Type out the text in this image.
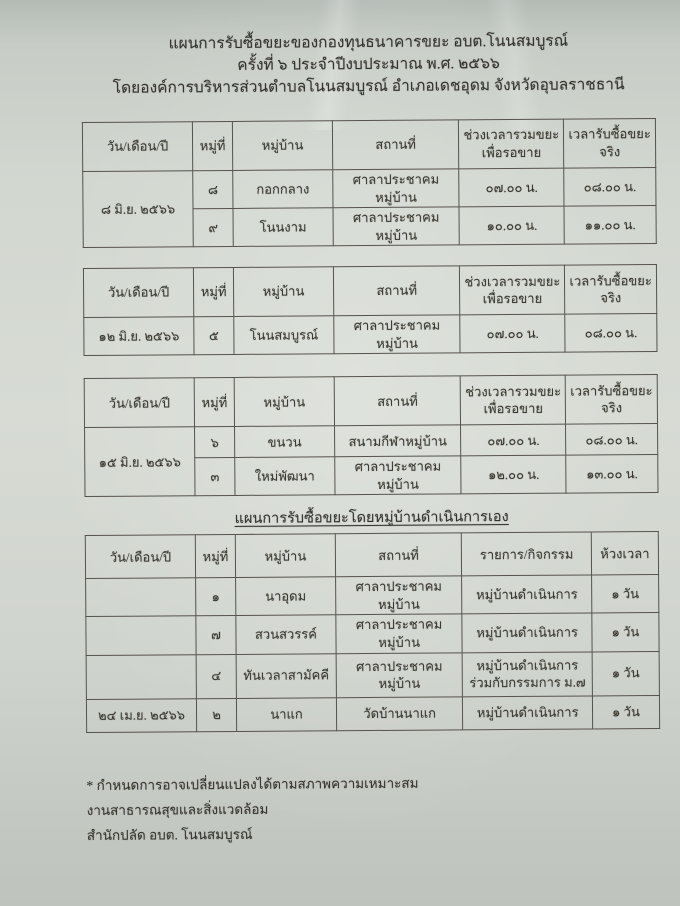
แผนการรับซื้อขยะของกองทุนธนาคารขยะ อบต.โนนสมบูรณ์
ครั้งที่ ๖ ประจำปีงบประมาณ พ.ศ. ๒๕๖๖
โดยองค์การบริหารส่วนตำบลโนนสมบูรณ์ อำเภอเดชอุดม จังหวัดอุบลราชธานี
วัน/เดือน/ปี	หมู่ที่	หมู่บ้าน	สถานที่	ช่วงเวลารวมขยะ เพื่อรอขาย	เวลารับซื้อขยะ จริง
๘ มิ.ย. ๒๕๖๖	๘	กอกกลาง	ศาลาประชาคมหมู่บ้าน	๐๗.๐๐ น.	๐๘.๐๐ น.
	๙	โนนงาม	ศาลาประชาคมหมู่บ้าน	๑๐.๐๐ น.	๑๑.๐๐ น.
วัน/เดือน/ปี	หมู่ที่	หมู่บ้าน	สถานที่	ช่วงเวลารวมขยะ เพื่อรอขาย	เวลารับซื้อขยะ จริง
๑๒ มิ.ย. ๒๕๖๖	๕	โนนสมบูรณ์	ศาลาประชาคมหมู่บ้าน	๐๗.๐๐ น.	๐๘.๐๐ น.
วัน/เดือน/ปี	หมู่ที่	หมู่บ้าน	สถานที่	ช่วงเวลารวมขยะ เพื่อรอขาย	เวลารับซื้อขยะ จริง
๑๕ มิ.ย. ๒๕๖๖	๖	ขนวน	สนามกีฬาหมู่บ้าน	๐๗.๐๐ น.	๐๘.๐๐ น.
	๓	ใหม่พัฒนา	ศาลาประชาคมหมู่บ้าน	๑๒.๐๐ น.	๑๓.๐๐ น.
แผนการรับซื้อขยะโดยหมู่บ้านดำเนินการเอง
วัน/เดือน/ปี	หมู่ที่	หมู่บ้าน	สถานที่	รายการ/กิจกรรม	ห้วงเวลา
	๑	นาอุดม	ศาลาประชาคมหมู่บ้าน	หมู่บ้านดำเนินการ	๑ วัน
	๗	สวนสวรรค์	ศาลาประชาคมหมู่บ้าน	หมู่บ้านดำเนินการ	๑ วัน
	๔	ทันเวลาสามัคคี	ศาลาประชาคมหมู่บ้าน	หมู่บ้านดำเนินการ ร่วมกับกรรมการ ม.๗	๑ วัน
๒๔ เม.ย. ๒๕๖๖	๒	นาแก	วัดบ้านนาแก	หมู่บ้านดำเนินการ	๑ วัน
* กำหนดการอาจเปลี่ยนแปลงได้ตามสภาพความเหมาะสม
งานสาธารณสุขและสิ่งแวดล้อม
สำนักปลัด อบต. โนนสมบูรณ์
